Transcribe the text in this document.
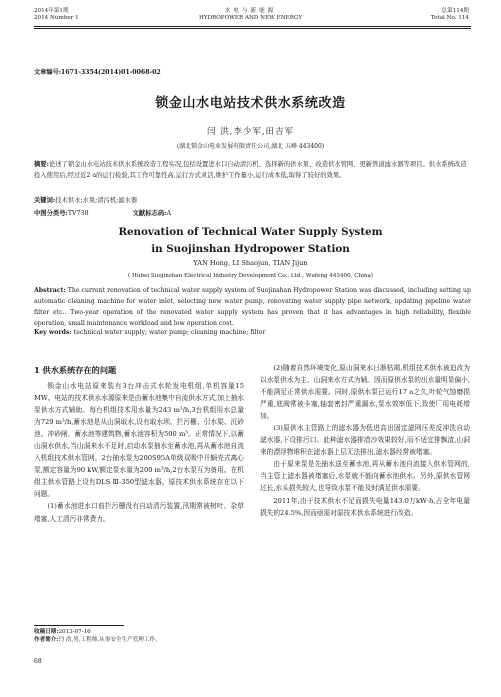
2014年第1期
2014 Number 1
水电与新能源
HYDROPOWER AND NEW ENERGY
总第114期
Total No. 114
文章编号:1671-3354(2014)01-0068-02
锁金山水电站技术供水系统改造
闫 洪,李少军,田吉军
(湖北锁金山电业发展有限责任公司,湖北 五峰 443400)
摘要:论述了锁金山水电站技术供水系统改造工程实况,包括设置进水口自动清污机、选择新的供水泵、改造供水管网、更新管道滤水器等项目。供水系统改造投入使用后,经过近2 a的运行检验,其工作可靠性高,运行方式灵活,维护工作量小,运行成本低,取得了较好的效果。
关键词:技术供水;水泵;清污机;滤水器
中图分类号:TV738	文献标志码:A
Renovation of Technical Water Supply System
in Suojinshan Hydropower Station
YAN Hong, LI Shaojun, TIAN Jijun
( Hubei Suojinshan Electrical Industry Development Co., Ltd., Wufeng 443400, China)
Abstract: The current renovation of technical water supply system of Suojinshan Hydropower Station was discussed, including setting up automatic cleaning machine for water inlet, selecting new water pump, renovating water supply pipe network, updating pipeline water filter etc.. Two-year operation of the renovated water supply system has proven that it has advantages in high reliability, flexible operation, small maintenance workload and low operation cost.
Key words: technical water supply; water pump; cleaning machine; filter
1 供水系统存在的问题

锁金山水电站原来装有3台冲击式水轮发电机组,单机容量15 MW。电站的技术供水水源原来是由蓄水池集中自流供水方式,加上抽水泵供水方式辅助。每台机组技术用水量为243 m³/h,3台机组用水总量为729 m³/h,蓄水池是从山洞取水,设有取水坝、拦污栅、引水渠、沉砂池、冲砂闸、蓄水池等建筑物,蓄水池容积为500 m³。正常情况下,以蓄山洞水供水,当山洞来水不足时,启动水泵抽水至蓄水池,再从蓄水池自流入机组技术供水管网。2台抽水泵为200S95A单级双吸中开蜗壳式离心泵,额定容量为90 kW,额定泵水量为200 m³/h,2台水泵互为备用。在机组主供水管路上设有DLS Ⅲ-350型滤水器。原技术供水系统存在以下问题。

(1)蓄水池进水口前拦污栅没有自动清污装置,汛期常被树叶、杂草堵塞,人工清污非常费力。

(2)随着自然环境变化,原山洞来水日渐枯竭,机组技术供水被迫改为以水泵供水为主、山洞来水方式为辅。因而原供水泵的出水量明显偏小,不能满足正常供水需要。同时,原供水泵已运行17 a之久,叶轮气蚀磨损严重,底阀常被卡塞,轴套密封严重漏水,泵水效率低下,致使厂用电耗增加。

(3)原供水主管路上的滤水器为低进高出固定滤网压差反冲洗自动滤水器,下设排污口。此种滤水器排渣沙效果较好,而不适宜排飘渣,山洞来的漂浮物堆积在滤水器上层无法排出,滤水器经常被堵塞。

由于原来泵是先抽水送至蓄水池,再从蓄水池自流接入供水管网的,当主管上滤水器被堵塞后,水泵就不能向蓄水池供水。另外,原供水管网过长,水头损失较大,也导致水泵不能及时满足供水需要。

2011年,由于技术供水不足而损失电量143.0万kW·h,占全年电量损失的24.5%,因而亟需对原技术供水系统进行改造。

收稿日期:2013-07-16
作者简介:闫 洪,男,工程师,从事安全生产管理工作。
68
